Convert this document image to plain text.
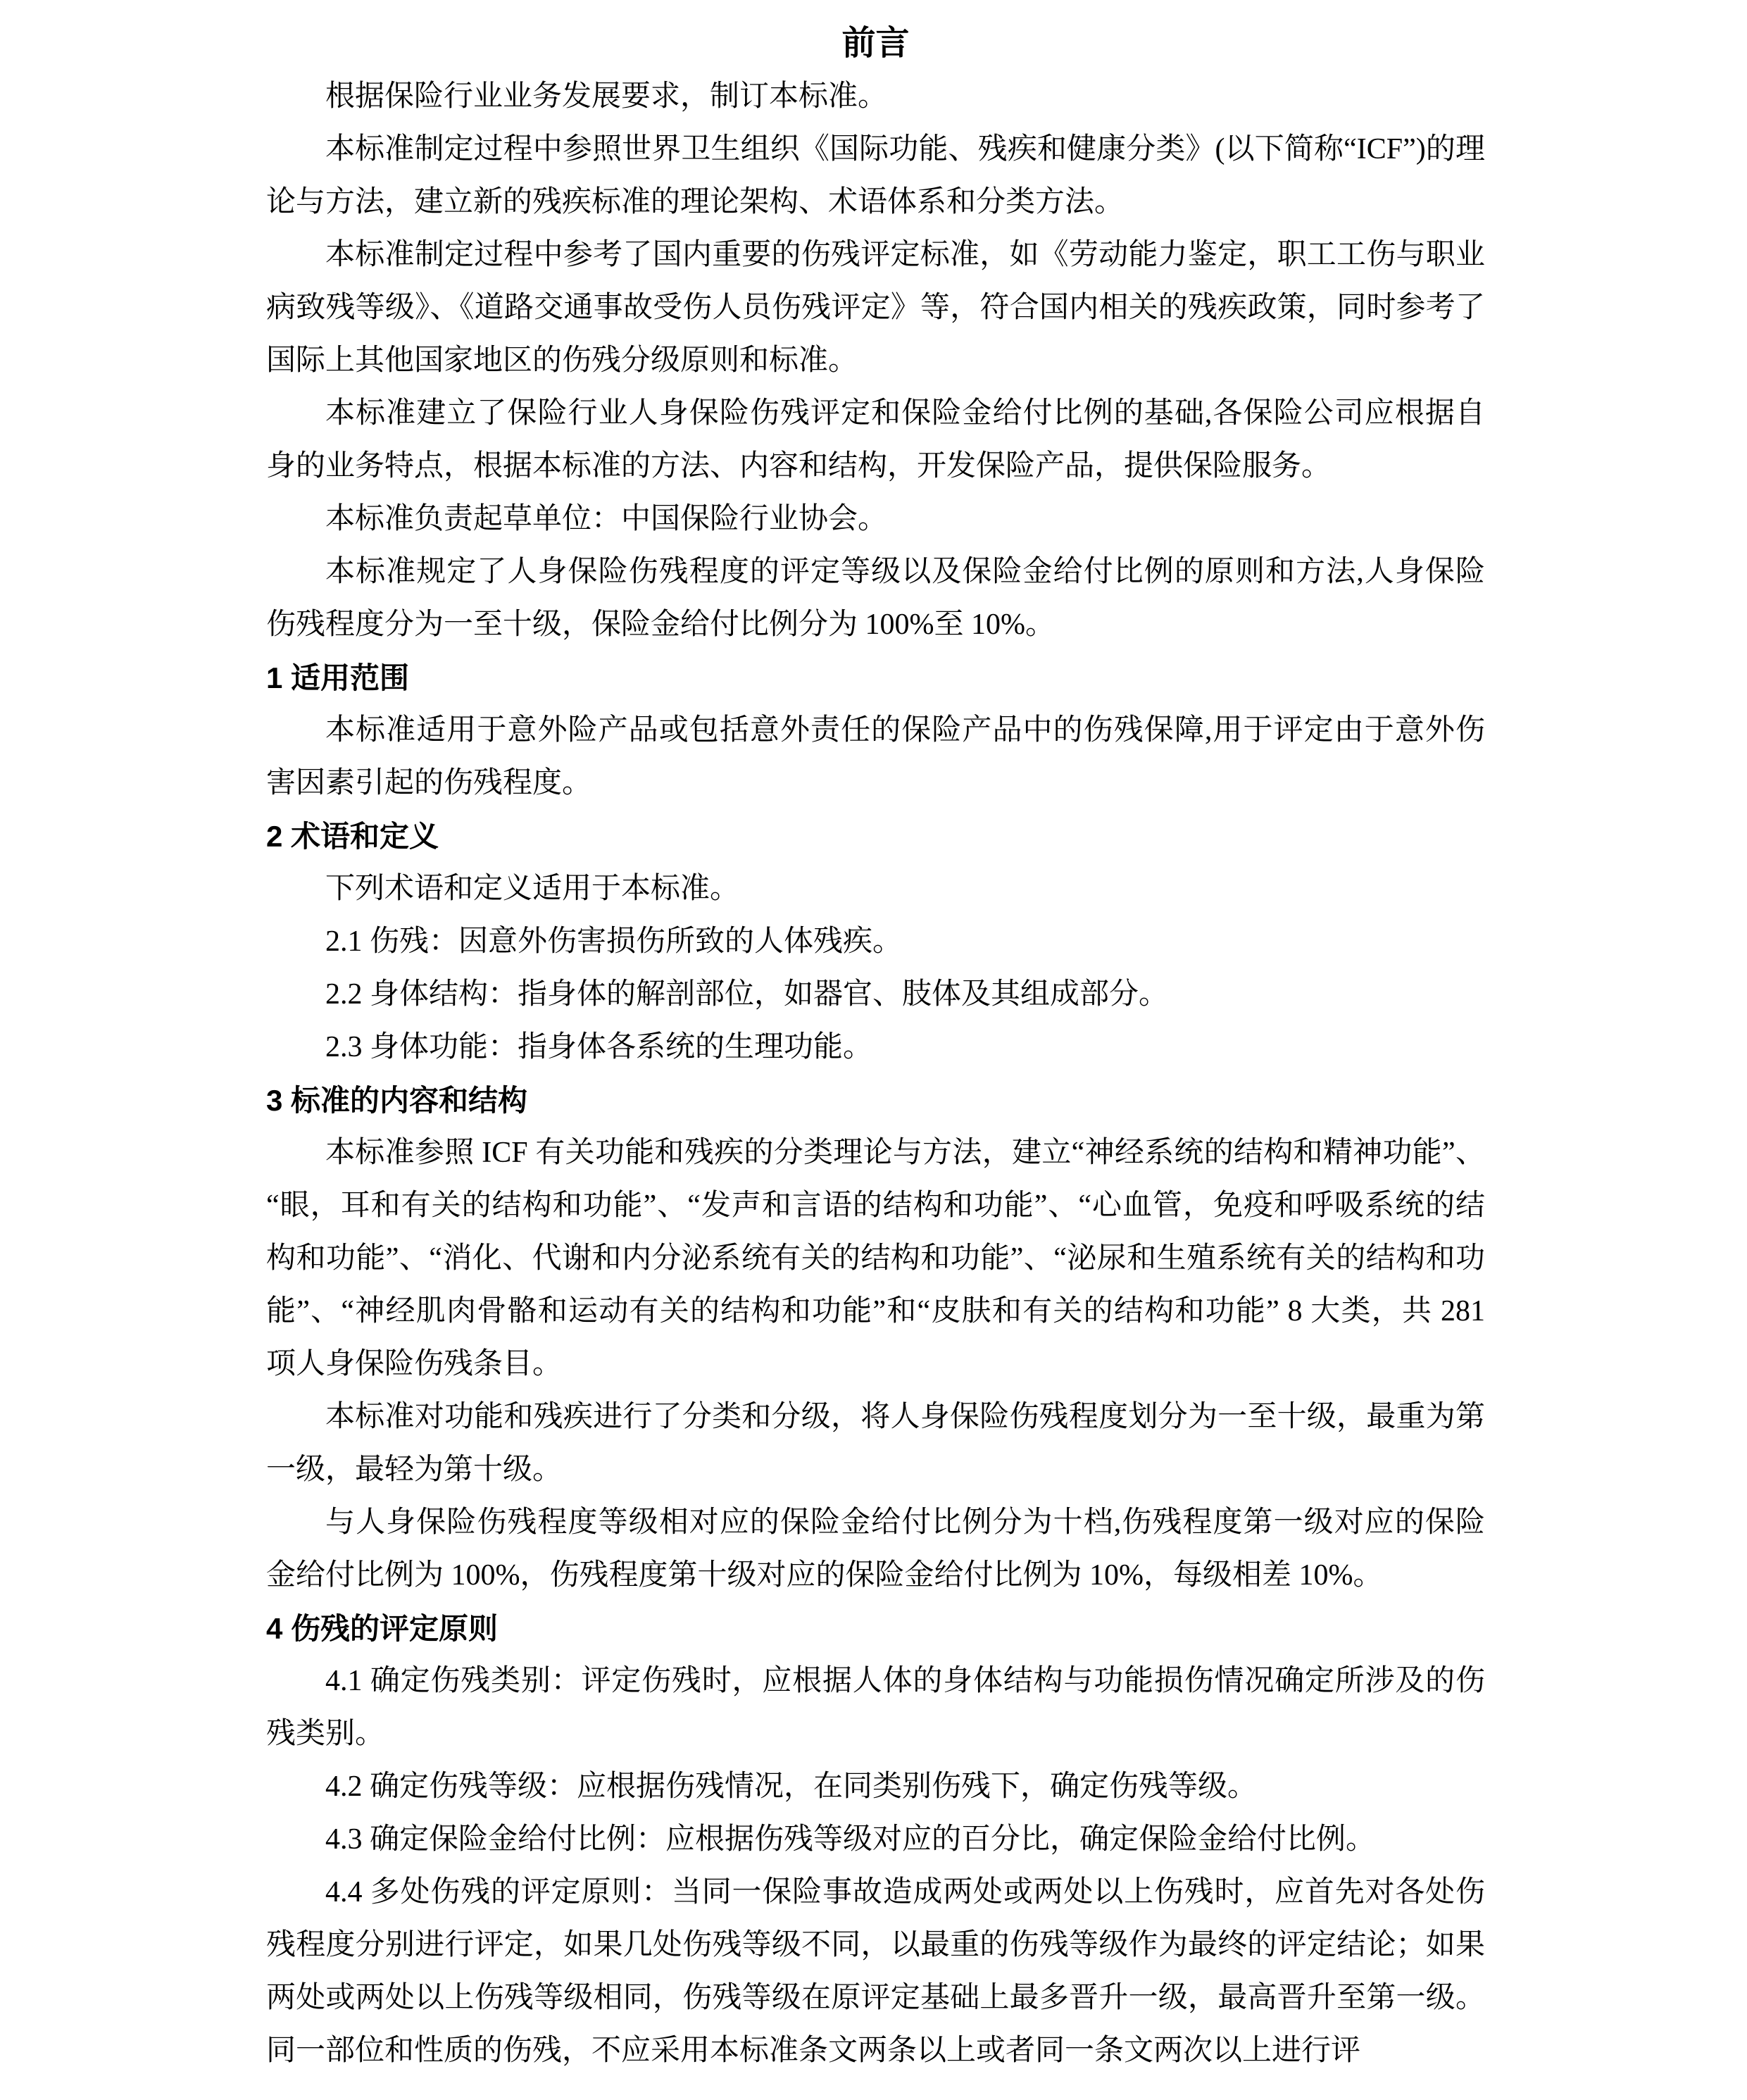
前言

根据保险行业业务发展要求，制订本标准。

本标准制定过程中参照世界卫生组织《国际功能、残疾和健康分类》(以下简称“ICF”)的理论与方法，建立新的残疾标准的理论架构、术语体系和分类方法。

本标准制定过程中参考了国内重要的伤残评定标准，如《劳动能力鉴定，职工工伤与职业病致残等级》、《道路交通事故受伤人员伤残评定》等，符合国内相关的残疾政策，同时参考了国际上其他国家地区的伤残分级原则和标准。

本标准建立了保险行业人身保险伤残评定和保险金给付比例的基础,各保险公司应根据自身的业务特点，根据本标准的方法、内容和结构，开发保险产品，提供保险服务。

本标准负责起草单位：中国保险行业协会。

本标准规定了人身保险伤残程度的评定等级以及保险金给付比例的原则和方法,人身保险伤残程度分为一至十级，保险金给付比例分为 100%至 10%。

1 适用范围

本标准适用于意外险产品或包括意外责任的保险产品中的伤残保障,用于评定由于意外伤害因素引起的伤残程度。

2 术语和定义

下列术语和定义适用于本标准。

2.1 伤残：因意外伤害损伤所致的人体残疾。

2.2 身体结构：指身体的解剖部位，如器官、肢体及其组成部分。

2.3 身体功能：指身体各系统的生理功能。

3 标准的内容和结构

本标准参照 ICF 有关功能和残疾的分类理论与方法，建立“神经系统的结构和精神功能”、“眼，耳和有关的结构和功能”、“发声和言语的结构和功能”、“心血管，免疫和呼吸系统的结构和功能”、“消化、代谢和内分泌系统有关的结构和功能”、“泌尿和生殖系统有关的结构和功能”、“神经肌肉骨骼和运动有关的结构和功能”和“皮肤和有关的结构和功能” 8 大类，共 281 项人身保险伤残条目。

本标准对功能和残疾进行了分类和分级，将人身保险伤残程度划分为一至十级，最重为第一级，最轻为第十级。

与人身保险伤残程度等级相对应的保险金给付比例分为十档,伤残程度第一级对应的保险金给付比例为 100%，伤残程度第十级对应的保险金给付比例为 10%，每级相差 10%。

4 伤残的评定原则

4.1 确定伤残类别：评定伤残时，应根据人体的身体结构与功能损伤情况确定所涉及的伤残类别。

4.2 确定伤残等级：应根据伤残情况，在同类别伤残下，确定伤残等级。

4.3 确定保险金给付比例：应根据伤残等级对应的百分比，确定保险金给付比例。

4.4 多处伤残的评定原则：当同一保险事故造成两处或两处以上伤残时，应首先对各处伤残程度分别进行评定，如果几处伤残等级不同，以最重的伤残等级作为最终的评定结论；如果两处或两处以上伤残等级相同，伤残等级在原评定基础上最多晋升一级，最高晋升至第一级。同一部位和性质的伤残，不应采用本标准条文两条以上或者同一条文两次以上进行评
